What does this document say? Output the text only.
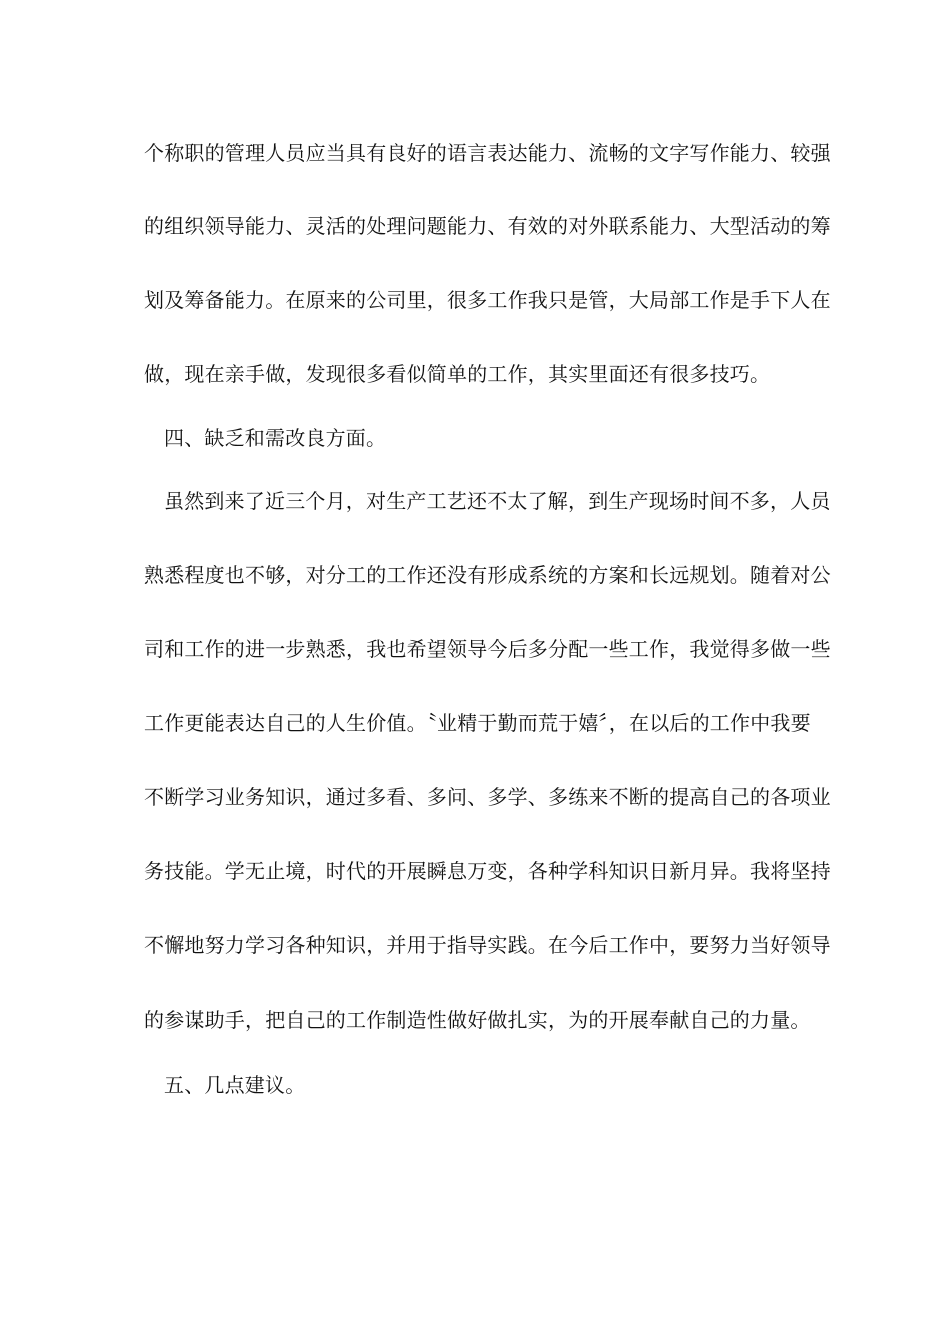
个称职的管理人员应当具有良好的语言表达能力、流畅的文字写作能力、较强
的组织领导能力、灵活的处理问题能力、有效的对外联系能力、大型活动的筹
划及筹备能力。在原来的公司里，很多工作我只是管，大局部工作是手下人在
做，现在亲手做，发现很多看似简单的工作，其实里面还有很多技巧。
四、缺乏和需改良方面。
虽然到来了近三个月，对生产工艺还不太了解，到生产现场时间不多，人员
熟悉程度也不够，对分工的工作还没有形成系统的方案和长远规划。随着对公
司和工作的进一步熟悉，我也希望领导今后多分配一些工作，我觉得多做一些
工作更能表达自己的人生价值。〝业精于勤而荒于嬉〞，在以后的工作中我要
不断学习业务知识，通过多看、多问、多学、多练来不断的提高自己的各项业
务技能。学无止境，时代的开展瞬息万变，各种学科知识日新月异。我将坚持
不懈地努力学习各种知识，并用于指导实践。在今后工作中，要努力当好领导
的参谋助手，把自己的工作制造性做好做扎实，为的开展奉献自己的力量。
五、几点建议。
